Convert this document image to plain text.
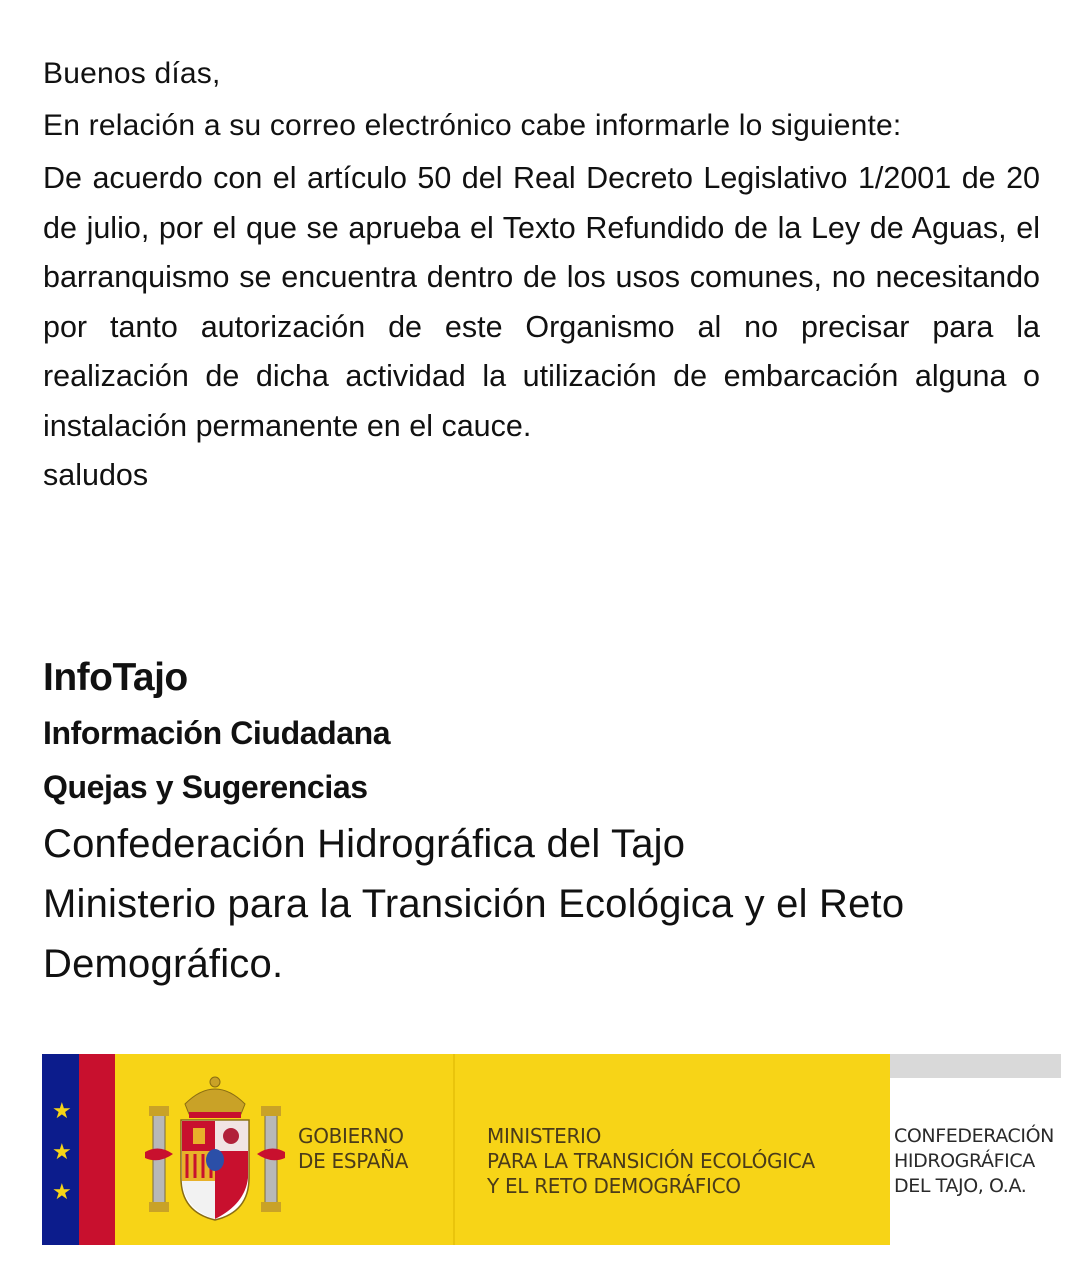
Buenos días,
En relación a su correo electrónico cabe informarle lo siguiente:

De acuerdo con el artículo 50 del Real Decreto Legislativo 1/2001 de 20 de julio, por el que se aprueba el Texto Refundido de la Ley de Aguas, el barranquismo se encuentra dentro de los usos comunes, no necesitando por tanto autorización de este Organismo al no precisar para la realización de dicha actividad la utilización de embarcación alguna o instalación permanente en el cauce.

saludos

InfoTajo
Información Ciudadana
Quejas y Sugerencias
Confederación Hidrográfica del Tajo
Ministerio para la Transición Ecológica y el Reto Demográfico.
★
★
★
GOBIERNO
DE ESPAÑA
MINISTERIO
PARA LA TRANSICIÓN ECOLÓGICA
Y EL RETO DEMOGRÁFICO
CONFEDERACIÓN
HIDROGRÁFICA
DEL TAJO, O.A.
